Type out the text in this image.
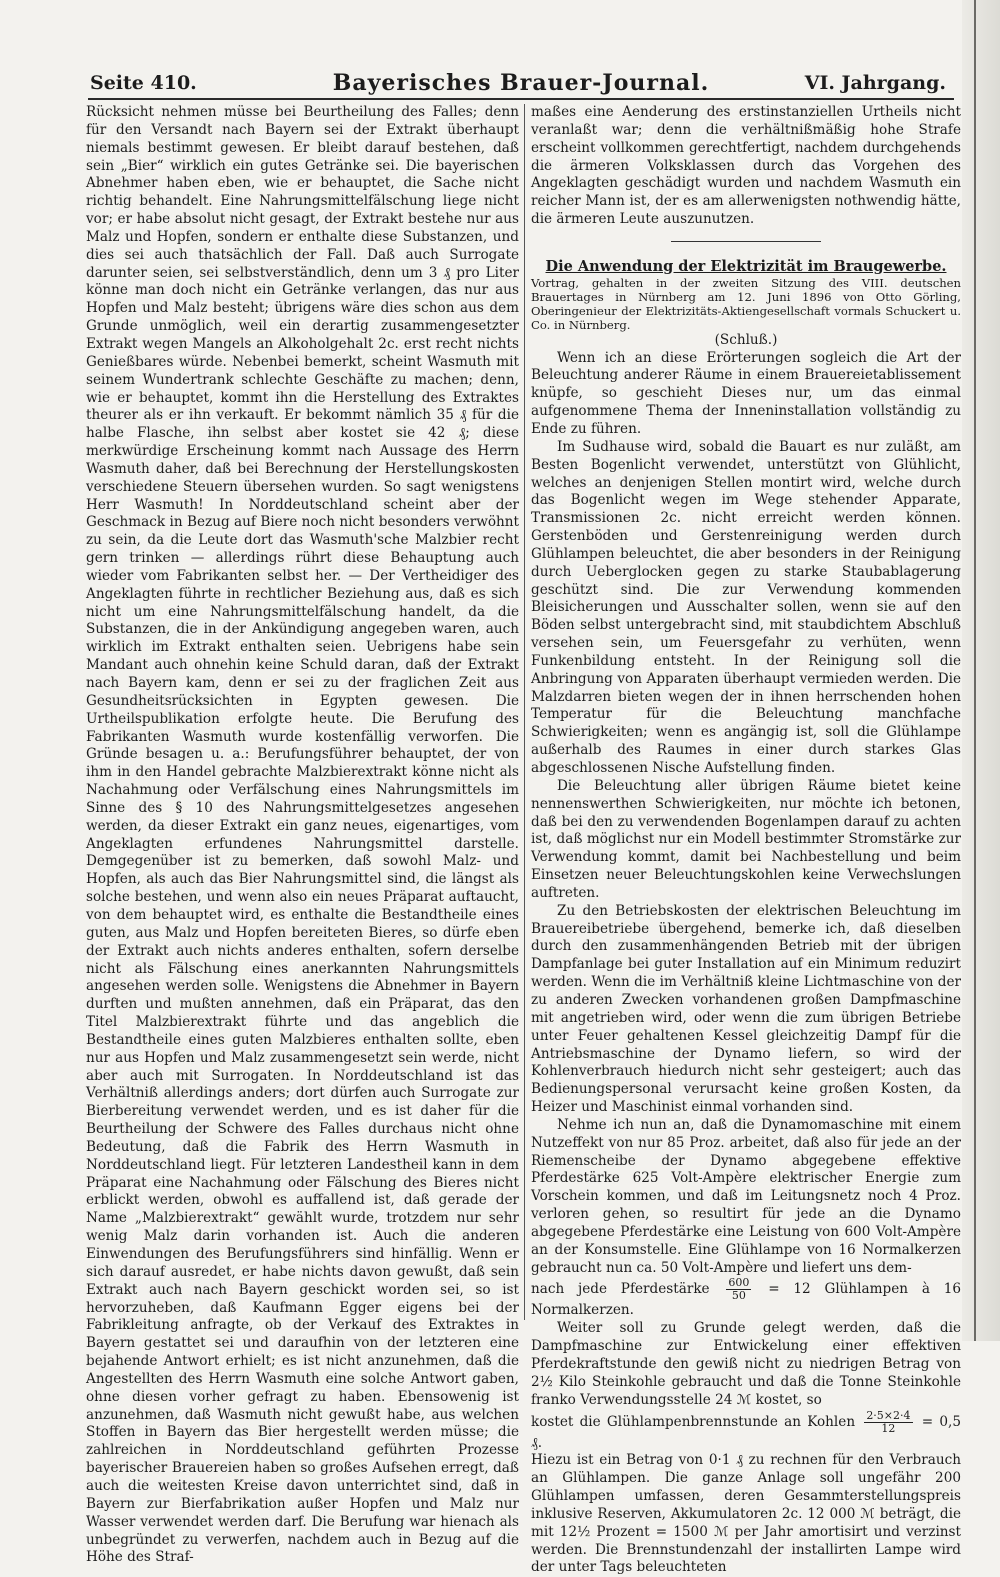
Seite 410.	Bayerisches Brauer-Journal.	VI. Jahrgang.

Rücksicht nehmen müsse bei Beurtheilung des Falles; denn für den Versandt nach Bayern sei der Extrakt überhaupt niemals bestimmt gewesen. Er bleibt darauf bestehen, daß sein „Bier“ wirklich ein gutes Getränke sei. Die bayerischen Abnehmer haben eben, wie er behauptet, die Sache nicht richtig behandelt. Eine Nahrungsmittelfälschung liege nicht vor; er habe absolut nicht gesagt, der Extrakt bestehe nur aus Malz und Hopfen, sondern er enthalte diese Substanzen, und dies sei auch thatsächlich der Fall. Daß auch Surrogate darunter seien, sei selbstverständlich, denn um 3 ₰ pro Liter könne man doch nicht ein Getränke verlangen, das nur aus Hopfen und Malz besteht; übrigens wäre dies schon aus dem Grunde unmöglich, weil ein derartig zusammengesetzter Extrakt wegen Mangels an Alkoholgehalt 2c. erst recht nichts Genießbares würde. Nebenbei bemerkt, scheint Wasmuth mit seinem Wundertrank schlechte Geschäfte zu machen; denn, wie er behauptet, kommt ihn die Herstellung des Extraktes theurer als er ihn verkauft. Er bekommt nämlich 35 ₰ für die halbe Flasche, ihn selbst aber kostet sie 42 ₰; diese merkwürdige Erscheinung kommt nach Aussage des Herrn Wasmuth daher, daß bei Berechnung der Herstellungskosten verschiedene Steuern übersehen wurden. So sagt wenigstens Herr Wasmuth! In Norddeutschland scheint aber der Geschmack in Bezug auf Biere noch nicht besonders verwöhnt zu sein, da die Leute dort das Wasmuth'sche Malzbier recht gern trinken — allerdings rührt diese Behauptung auch wieder vom Fabrikanten selbst her. — Der Vertheidiger des Angeklagten führte in rechtlicher Beziehung aus, daß es sich nicht um eine Nahrungsmittelfälschung handelt, da die Substanzen, die in der Ankündigung angegeben waren, auch wirklich im Extrakt enthalten seien. Uebrigens habe sein Mandant auch ohnehin keine Schuld daran, daß der Extrakt nach Bayern kam, denn er sei zu der fraglichen Zeit aus Gesundheitsrücksichten in Egypten gewesen. Die Urtheilspublikation erfolgte heute. Die Berufung des Fabrikanten Wasmuth wurde kostenfällig verworfen. Die Gründe besagen u. a.: Berufungsführer behauptet, der von ihm in den Handel gebrachte Malzbierextrakt könne nicht als Nachahmung oder Verfälschung eines Nahrungsmittels im Sinne des § 10 des Nahrungsmittelgesetzes angesehen werden, da dieser Extrakt ein ganz neues, eigenartiges, vom Angeklagten erfundenes Nahrungsmittel darstelle. Demgegenüber ist zu bemerken, daß sowohl Malz- und Hopfen, als auch das Bier Nahrungsmittel sind, die längst als solche bestehen, und wenn also ein neues Präparat auftaucht, von dem behauptet wird, es enthalte die Bestandtheile eines guten, aus Malz und Hopfen bereiteten Bieres, so dürfe eben der Extrakt auch nichts anderes enthalten, sofern derselbe nicht als Fälschung eines anerkannten Nahrungsmittels angesehen werden solle. Wenigstens die Abnehmer in Bayern durften und mußten annehmen, daß ein Präparat, das den Titel Malzbierextrakt führte und das angeblich die Bestandtheile eines guten Malzbieres enthalten sollte, eben nur aus Hopfen und Malz zusammengesetzt sein werde, nicht aber auch mit Surrogaten. In Norddeutschland ist das Verhältniß allerdings anders; dort dürfen auch Surrogate zur Bierbereitung verwendet werden, und es ist daher für die Beurtheilung der Schwere des Falles durchaus nicht ohne Bedeutung, daß die Fabrik des Herrn Wasmuth in Norddeutschland liegt. Für letzteren Landestheil kann in dem Präparat eine Nachahmung oder Fälschung des Bieres nicht erblickt werden, obwohl es auffallend ist, daß gerade der Name „Malzbierextrakt“ gewählt wurde, trotzdem nur sehr wenig Malz darin vorhanden ist. Auch die anderen Einwendungen des Berufungsführers sind hinfällig. Wenn er sich darauf ausredet, er habe nichts davon gewußt, daß sein Extrakt auch nach Bayern geschickt worden sei, so ist hervorzuheben, daß Kaufmann Egger eigens bei der Fabrikleitung anfragte, ob der Verkauf des Extraktes in Bayern gestattet sei und daraufhin von der letzteren eine bejahende Antwort erhielt; es ist nicht anzunehmen, daß die Angestellten des Herrn Wasmuth eine solche Antwort gaben, ohne diesen vorher gefragt zu haben. Ebensowenig ist anzunehmen, daß Wasmuth nicht gewußt habe, aus welchen Stoffen in Bayern das Bier hergestellt werden müsse; die zahlreichen in Norddeutschland geführten Prozesse bayerischer Brauereien haben so großes Aufsehen erregt, daß auch die weitesten Kreise davon unterrichtet sind, daß in Bayern zur Bierfabrikation außer Hopfen und Malz nur Wasser verwendet werden darf. Die Berufung war hienach als unbegründet zu verwerfen, nachdem auch in Bezug auf die Höhe des Straf-

maßes eine Aenderung des erstinstanziellen Urtheils nicht veranlaßt war; denn die verhältnißmäßig hohe Strafe erscheint vollkommen gerechtfertigt, nachdem durchgehends die ärmeren Volksklassen durch das Vorgehen des Angeklagten geschädigt wurden und nachdem Wasmuth ein reicher Mann ist, der es am allerwenigsten nothwendig hätte, die ärmeren Leute auszunutzen.

Die Anwendung der Elektrizität im Braugewerbe.

Vortrag, gehalten in der zweiten Sitzung des VIII. deutschen Brauertages in Nürnberg am 12. Juni 1896 von Otto Görling, Oberingenieur der Elektrizitäts-Aktiengesellschaft vormals Schuckert u. Co. in Nürnberg.

(Schluß.)

Wenn ich an diese Erörterungen sogleich die Art der Beleuchtung anderer Räume in einem Brauereietablissement knüpfe, so geschieht Dieses nur, um das einmal aufgenommene Thema der Inneninstallation vollständig zu Ende zu führen.

Im Sudhause wird, sobald die Bauart es nur zuläßt, am Besten Bogenlicht verwendet, unterstützt von Glühlicht, welches an denjenigen Stellen montirt wird, welche durch das Bogenlicht wegen im Wege stehender Apparate, Transmissionen 2c. nicht erreicht werden können. Gerstenböden und Gerstenreinigung werden durch Glühlampen beleuchtet, die aber besonders in der Reinigung durch Ueberglocken gegen zu starke Staubablagerung geschützt sind. Die zur Verwendung kommenden Bleisicherungen und Ausschalter sollen, wenn sie auf den Böden selbst untergebracht sind, mit staubdichtem Abschluß versehen sein, um Feuersgefahr zu verhüten, wenn Funkenbildung entsteht. In der Reinigung soll die Anbringung von Apparaten überhaupt vermieden werden. Die Malzdarren bieten wegen der in ihnen herrschenden hohen Temperatur für die Beleuchtung manchfache Schwierigkeiten; wenn es angängig ist, soll die Glühlampe außerhalb des Raumes in einer durch starkes Glas abgeschlossenen Nische Aufstellung finden.

Die Beleuchtung aller übrigen Räume bietet keine nennenswerthen Schwierigkeiten, nur möchte ich betonen, daß bei den zu verwendenden Bogenlampen darauf zu achten ist, daß möglichst nur ein Modell bestimmter Stromstärke zur Verwendung kommt, damit bei Nachbestellung und beim Einsetzen neuer Beleuchtungskohlen keine Verwechslungen auftreten.

Zu den Betriebskosten der elektrischen Beleuchtung im Brauereibetriebe übergehend, bemerke ich, daß dieselben durch den zusammenhängenden Betrieb mit der übrigen Dampfanlage bei guter Installation auf ein Minimum reduzirt werden. Wenn die im Verhältniß kleine Lichtmaschine von der zu anderen Zwecken vorhandenen großen Dampfmaschine mit angetrieben wird, oder wenn die zum übrigen Betriebe unter Feuer gehaltenen Kessel gleichzeitig Dampf für die Antriebsmaschine der Dynamo liefern, so wird der Kohlenverbrauch hiedurch nicht sehr gesteigert; auch das Bedienungspersonal verursacht keine großen Kosten, da Heizer und Maschinist einmal vorhanden sind.

Nehme ich nun an, daß die Dynamomaschine mit einem Nutzeffekt von nur 85 Proz. arbeitet, daß also für jede an der Riemenscheibe der Dynamo abgegebene effektive Pferdestärke 625 Volt-Ampère elektrischer Energie zum Vorschein kommen, und daß im Leitungsnetz noch 4 Proz. verloren gehen, so resultirt für jede an die Dynamo abgegebene Pferdestärke eine Leistung von 600 Volt-Ampère an der Konsumstelle. Eine Glühlampe von 16 Normalkerzen gebraucht nun ca. 50 Volt-Ampère und liefert uns dem-

nach jede Pferdestärke $\frac{600}{50} = 12$ Glühlampen à 16 Normalkerzen.

Weiter soll zu Grunde gelegt werden, daß die Dampfmaschine zur Entwickelung einer effektiven Pferdekraftstunde den gewiß nicht zu niedrigen Betrag von 2½ Kilo Steinkohle gebraucht und daß die Tonne Steinkohle franko Verwendungsstelle 24 ℳ kostet, so

kostet die Glühlampenbrennstunde an Kohlen $\frac{2\cdot 5\times 2\cdot 4}{12} = 0,5$ ₰.

Hiezu ist ein Betrag von 0·1 ₰ zu rechnen für den Verbrauch an Glühlampen. Die ganze Anlage soll ungefähr 200 Glühlampen umfassen, deren Gesammterstellungspreis inklusive Reserven, Akkumulatoren 2c. 12 000 ℳ beträgt, die mit 12½ Prozent = 1500 ℳ per Jahr amortisirt und verzinst werden. Die Brennstundenzahl der installirten Lampe wird der unter Tags beleuchteten
